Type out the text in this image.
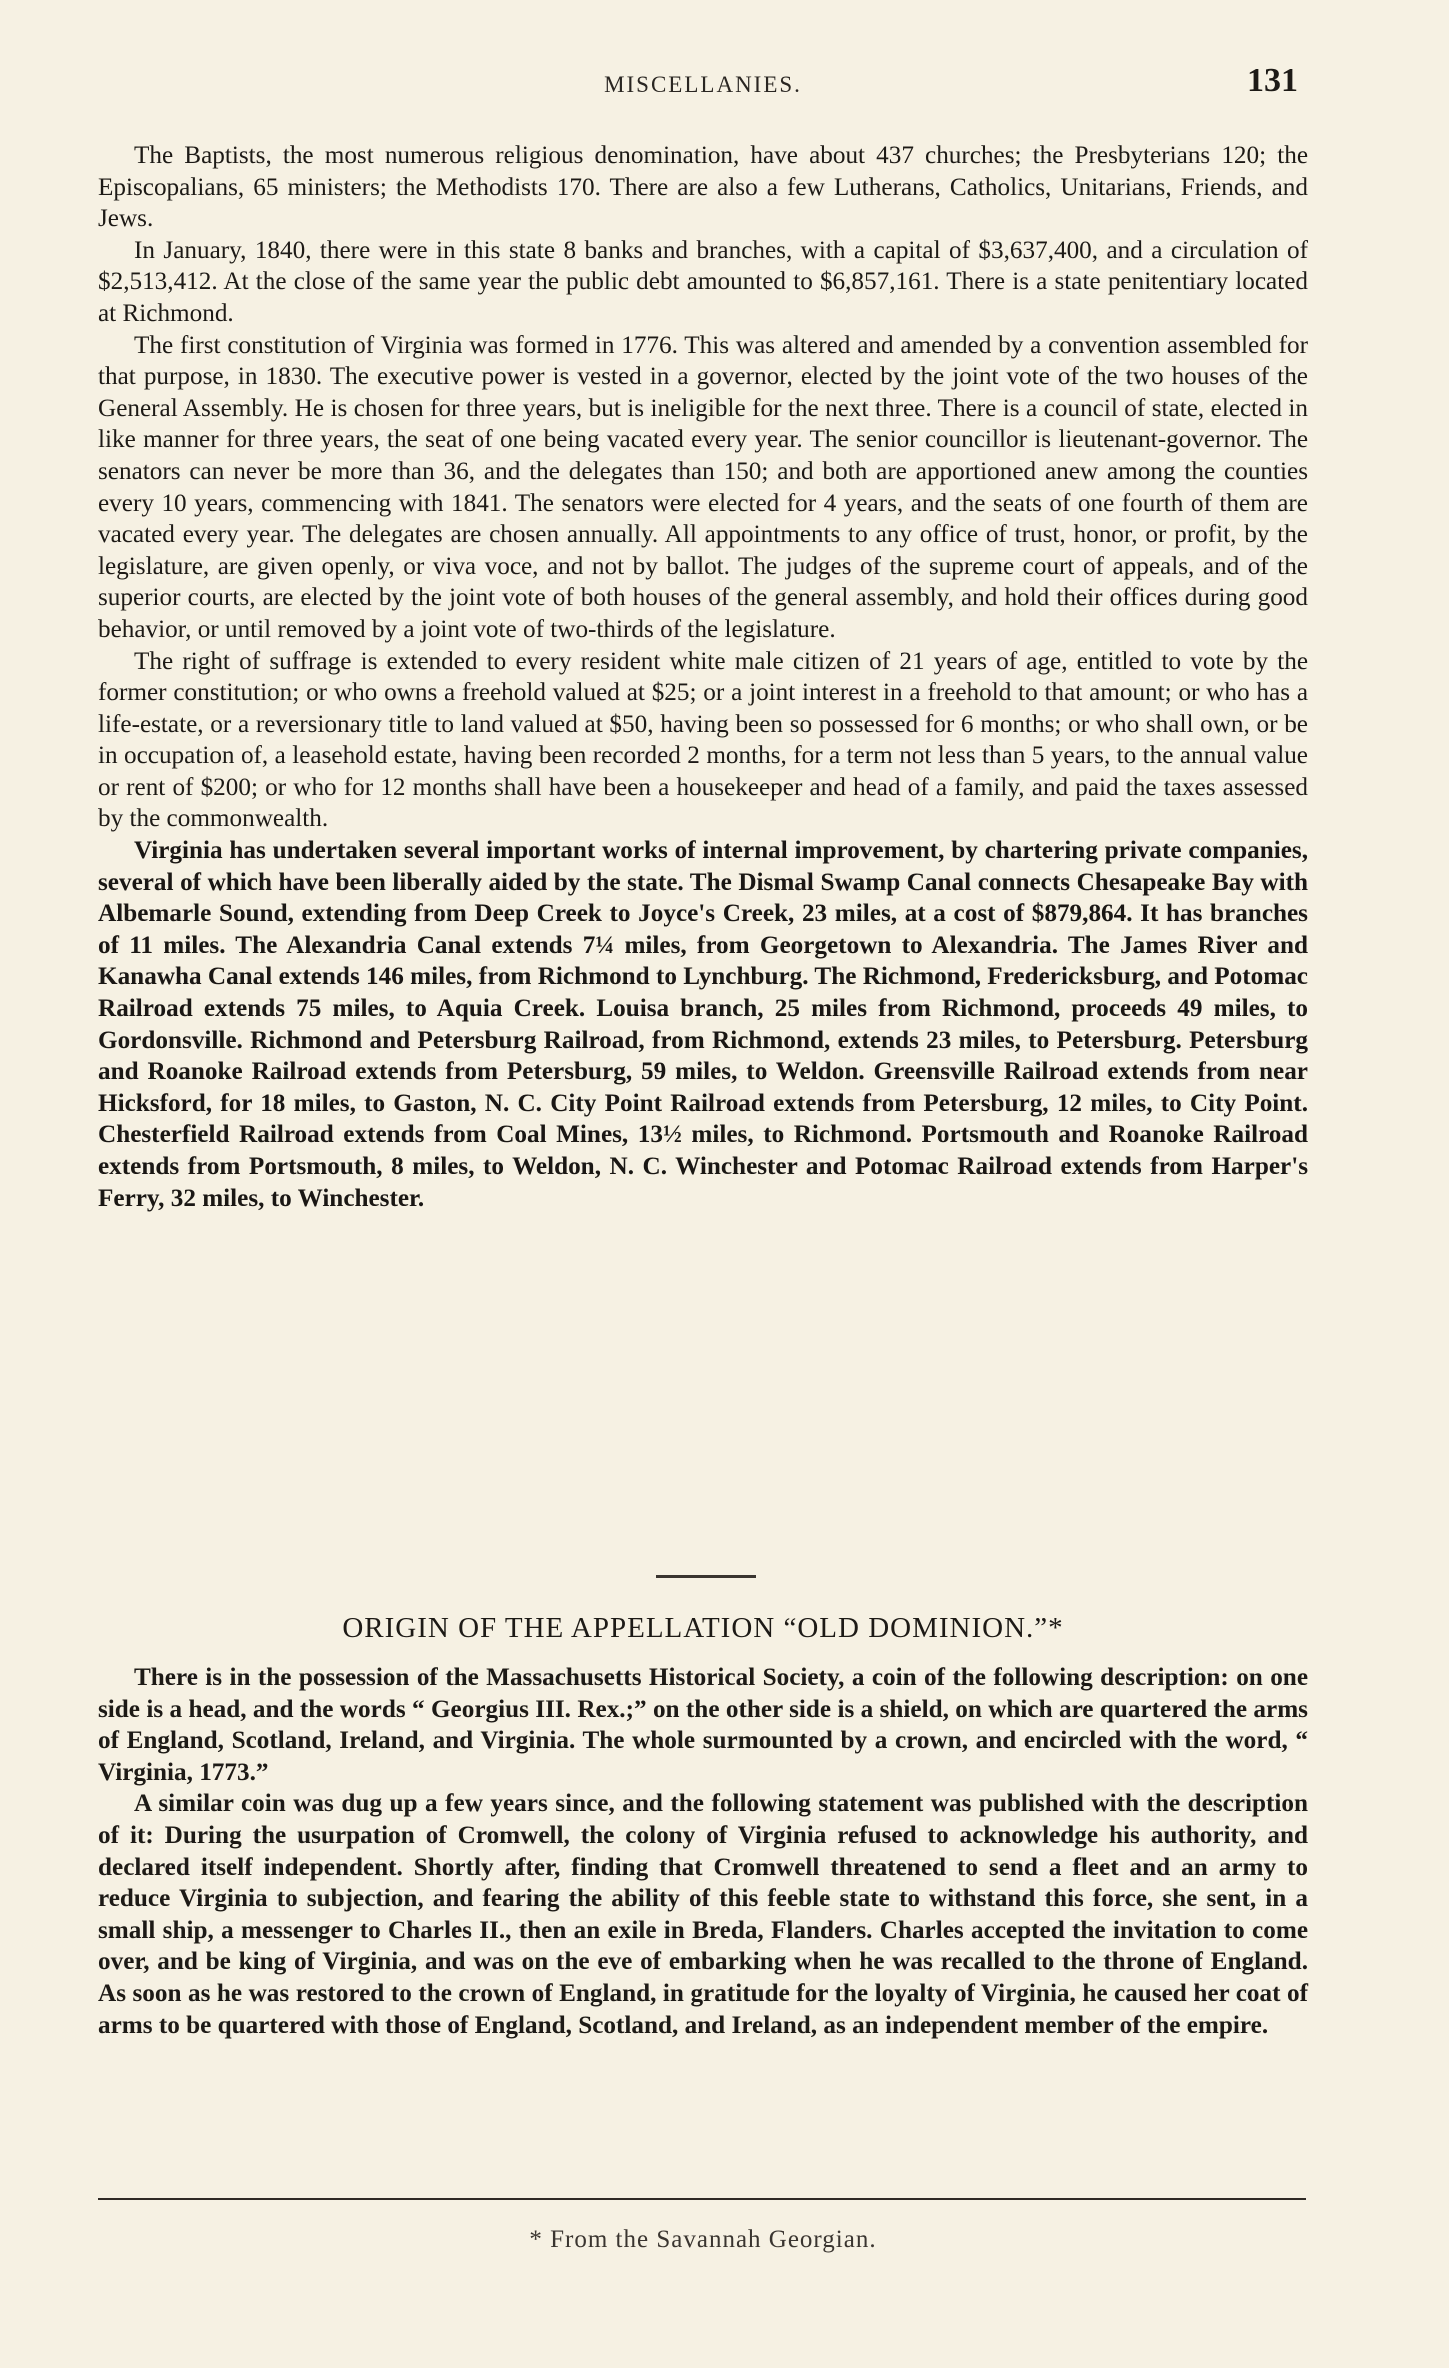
MISCELLANIES.	131

The Baptists, the most numerous religious denomination, have about 437 churches; the Presbyterians 120; the Episcopalians, 65 ministers; the Methodists 170. There are also a few Lutherans, Catholics, Unitarians, Friends, and Jews.

In January, 1840, there were in this state 8 banks and branches, with a capital of $3,637,400, and a circulation of $2,513,412. At the close of the same year the public debt amounted to $6,857,161. There is a state penitentiary located at Richmond.

The first constitution of Virginia was formed in 1776. This was altered and amended by a convention assembled for that purpose, in 1830. The executive power is vested in a governor, elected by the joint vote of the two houses of the General Assembly. He is chosen for three years, but is ineligible for the next three. There is a council of state, elected in like manner for three years, the seat of one being vacated every year. The senior councillor is lieutenant-governor. The senators can never be more than 36, and the delegates than 150; and both are apportioned anew among the counties every 10 years, commencing with 1841. The senators were elected for 4 years, and the seats of one fourth of them are vacated every year. The delegates are chosen annually. All appointments to any office of trust, honor, or profit, by the legislature, are given openly, or viva voce, and not by ballot. The judges of the supreme court of appeals, and of the superior courts, are elected by the joint vote of both houses of the general assembly, and hold their offices during good behavior, or until removed by a joint vote of two-thirds of the legislature.

The right of suffrage is extended to every resident white male citizen of 21 years of age, entitled to vote by the former constitution; or who owns a freehold valued at $25; or a joint interest in a freehold to that amount; or who has a life-estate, or a reversionary title to land valued at $50, having been so possessed for 6 months; or who shall own, or be in occupation of, a leasehold estate, having been recorded 2 months, for a term not less than 5 years, to the annual value or rent of $200; or who for 12 months shall have been a housekeeper and head of a family, and paid the taxes assessed by the commonwealth.

Virginia has undertaken several important works of internal improvement, by chartering private companies, several of which have been liberally aided by the state. The Dismal Swamp Canal connects Chesapeake Bay with Albemarle Sound, extending from Deep Creek to Joyce's Creek, 23 miles, at a cost of $879,864. It has branches of 11 miles. The Alexandria Canal extends 7¼ miles, from Georgetown to Alexandria. The James River and Kanawha Canal extends 146 miles, from Richmond to Lynchburg. The Richmond, Fredericksburg, and Potomac Railroad extends 75 miles, to Aquia Creek. Louisa branch, 25 miles from Richmond, proceeds 49 miles, to Gordonsville. Richmond and Petersburg Railroad, from Richmond, extends 23 miles, to Petersburg. Petersburg and Roanoke Railroad extends from Petersburg, 59 miles, to Weldon. Greensville Railroad extends from near Hicksford, for 18 miles, to Gaston, N. C. City Point Railroad extends from Petersburg, 12 miles, to City Point. Chesterfield Railroad extends from Coal Mines, 13½ miles, to Richmond. Portsmouth and Roanoke Railroad extends from Portsmouth, 8 miles, to Weldon, N. C. Winchester and Potomac Railroad extends from Harper's Ferry, 32 miles, to Winchester.

ORIGIN OF THE APPELLATION “OLD DOMINION.”*

There is in the possession of the Massachusetts Historical Society, a coin of the following description: on one side is a head, and the words “ Georgius III. Rex.;” on the other side is a shield, on which are quartered the arms of England, Scotland, Ireland, and Virginia. The whole surmounted by a crown, and encircled with the word, “ Virginia, 1773.”

A similar coin was dug up a few years since, and the following statement was published with the description of it: During the usurpation of Cromwell, the colony of Virginia refused to acknowledge his authority, and declared itself independent. Shortly after, finding that Cromwell threatened to send a fleet and an army to reduce Virginia to subjection, and fearing the ability of this feeble state to withstand this force, she sent, in a small ship, a messenger to Charles II., then an exile in Breda, Flanders. Charles accepted the invitation to come over, and be king of Virginia, and was on the eve of embarking when he was recalled to the throne of England. As soon as he was restored to the crown of England, in gratitude for the loyalty of Virginia, he caused her coat of arms to be quartered with those of England, Scotland, and Ireland, as an independent member of the empire.

* From the Savannah Georgian.
